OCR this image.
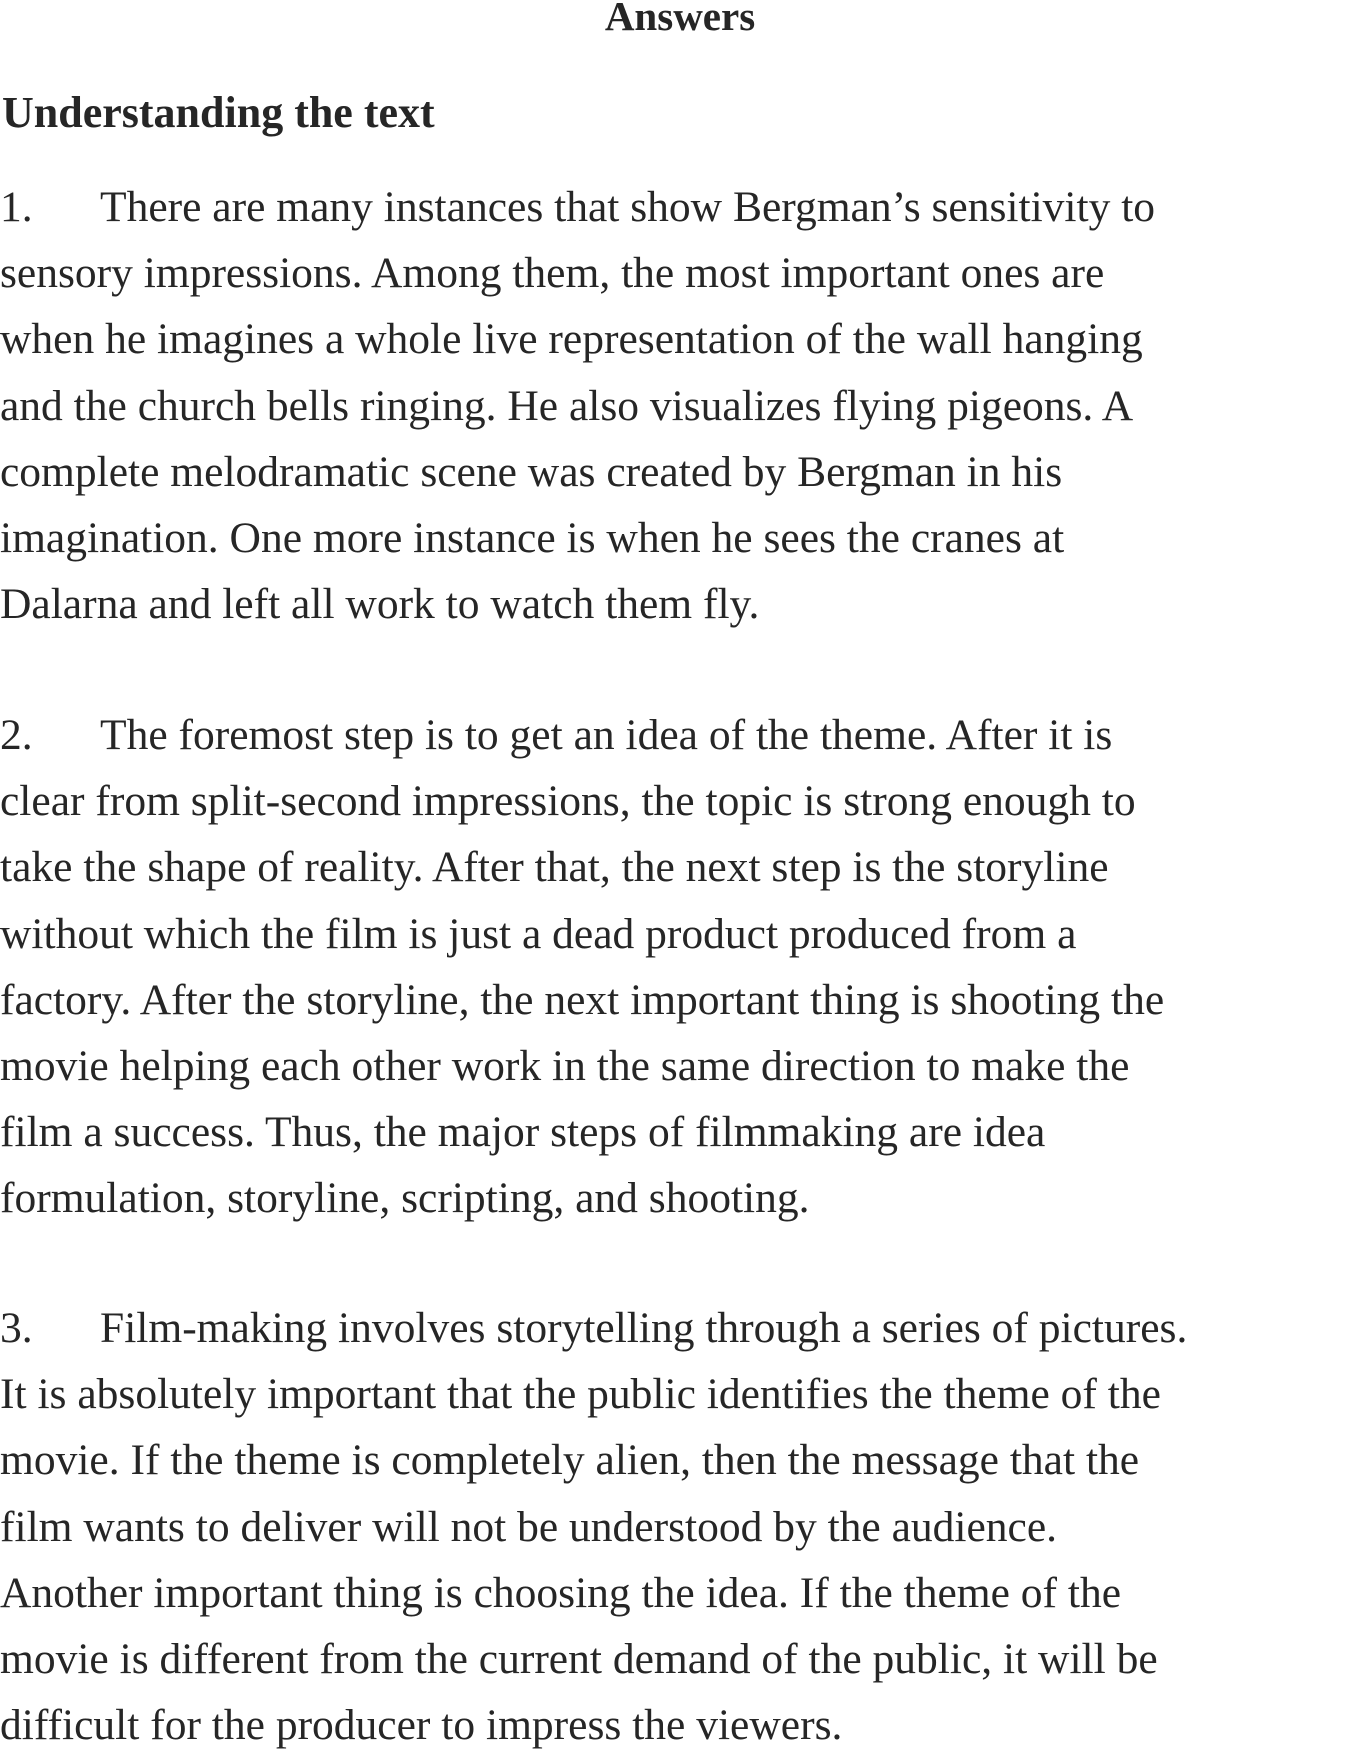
Answers
Understanding the text
1. There are many instances that show Bergman’s sensitivity to
sensory impressions. Among them, the most important ones are
when he imagines a whole live representation of the wall hanging
and the church bells ringing. He also visualizes flying pigeons. A
complete melodramatic scene was created by Bergman in his
imagination. One more instance is when he sees the cranes at
Dalarna and left all work to watch them fly.
2. The foremost step is to get an idea of the theme. After it is
clear from split-second impressions, the topic is strong enough to
take the shape of reality. After that, the next step is the storyline
without which the film is just a dead product produced from a
factory. After the storyline, the next important thing is shooting the
movie helping each other work in the same direction to make the
film a success. Thus, the major steps of filmmaking are idea
formulation, storyline, scripting, and shooting.
3. Film-making involves storytelling through a series of pictures.
It is absolutely important that the public identifies the theme of the
movie. If the theme is completely alien, then the message that the
film wants to deliver will not be understood by the audience.
Another important thing is choosing the idea. If the theme of the
movie is different from the current demand of the public, it will be
difficult for the producer to impress the viewers.
